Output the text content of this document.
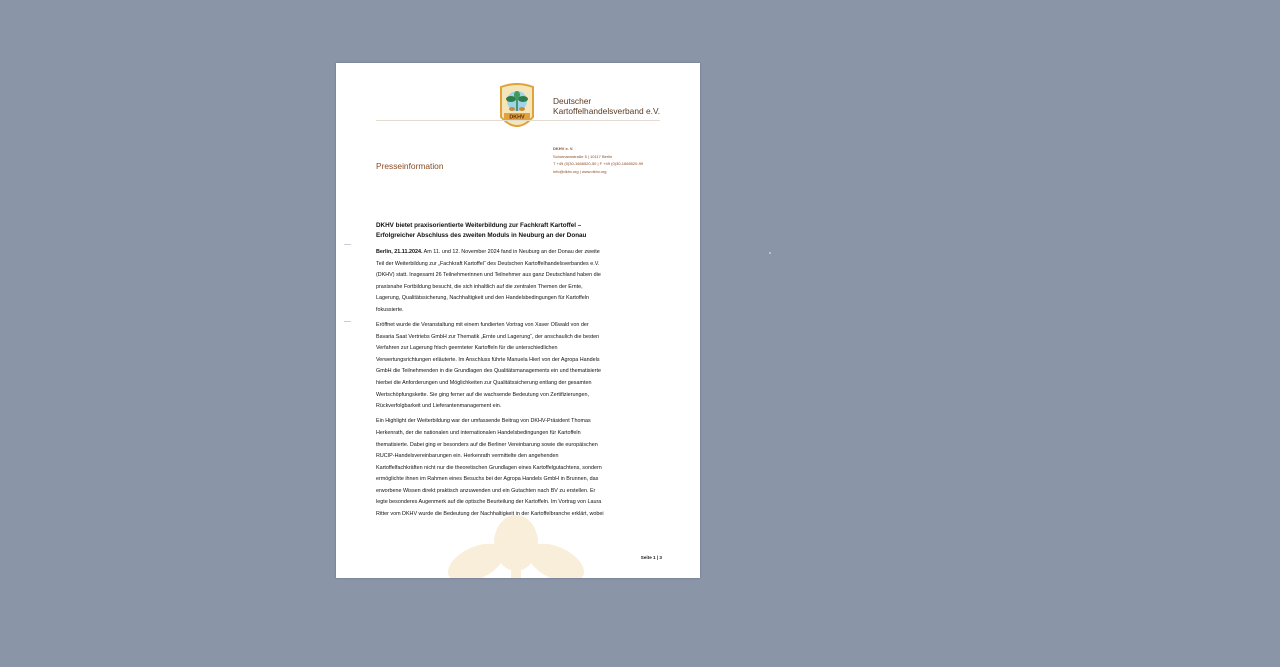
DKHV
Deutscher
Kartoffelhandelsverband e.V.
Presseinformation
DKHV e. V.
Schumannstraße 5 | 10117 Berlin
T +49 (0)30-1666520-50 | F +49 (0)30-1666520-99
info@dkhv.org | www.dkhv.org
DKHV bietet praxisorientierte Weiterbildung zur Fachkraft Kartoffel –
Erfolgreicher Abschluss des zweiten Moduls in Neuburg an der Donau
Berlin, 21.11.2024. Am 11. und 12. November 2024 fand in Neuburg an der Donau der zweite
Teil der Weiterbildung zur „Fachkraft Kartoffel“ des Deutschen Kartoffelhandelsverbandes e.V.
(DKHV) statt. Insgesamt 26 Teilnehmerinnen und Teilnehmer aus ganz Deutschland haben die
praxisnahe Fortbildung besucht, die sich inhaltlich auf die zentralen Themen der Ernte,
Lagerung, Qualitätssicherung, Nachhaltigkeit und den Handelsbedingungen für Kartoffeln
fokussierte.
Eröffnet wurde die Veranstaltung mit einem fundierten Vortrag von Xaver Oßwald von der
Bavaria Saat Vertriebs GmbH zur Thematik „Ernte und Lagerung“, der anschaulich die besten
Verfahren zur Lagerung frisch geernteter Kartoffeln für die unterschiedlichen
Verwertungsrichtungen erläuterte. Im Anschluss führte Manuela Hierl von der Agropa Handels
GmbH die Teilnehmenden in die Grundlagen des Qualitätsmanagements ein und thematisierte
hierbei die Anforderungen und Möglichkeiten zur Qualitätssicherung entlang der gesamten
Wertschöpfungskette. Sie ging ferner auf die wachsende Bedeutung von Zertifizierungen,
Rückverfolgbarkeit und Lieferantenmanagement ein.
Ein Highlight der Weiterbildung war der umfassende Beitrag von DKHV-Präsident Thomas
Herkenrath, der die nationalen und internationalen Handelsbedingungen für Kartoffeln
thematisierte. Dabei ging er besonders auf die Berliner Vereinbarung sowie die europäischen
RUCIP-Handelsvereinbarungen ein. Herkenrath vermittelte den angehenden
Kartoffelfachkräften nicht nur die theoretischen Grundlagen eines Kartoffelgutachtens, sondern
ermöglichte ihnen im Rahmen eines Besuchs bei der Agropa Handels GmbH in Brunnen, das
erworbene Wissen direkt praktisch anzuwenden und ein Gutachten nach BV zu erstellen. Er
legte besonderes Augenmerk auf die optische Beurteilung der Kartoffeln. Im Vortrag von Laura
Ritter vom DKHV wurde die Bedeutung der Nachhaltigkeit in der Kartoffelbranche erklärt, wobei
Seite 1 | 3
